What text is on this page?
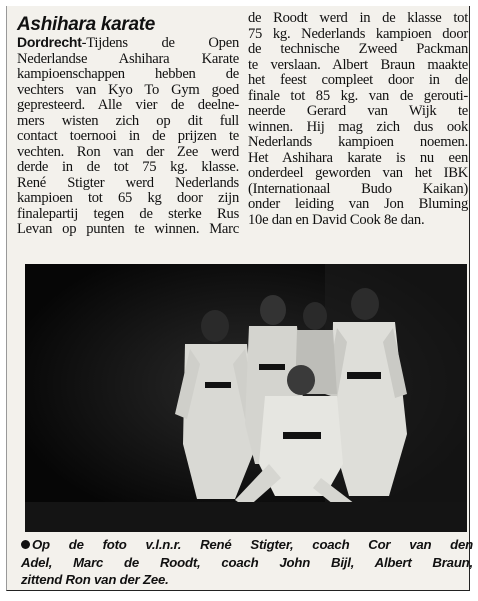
Ashihara karate
Dordrecht-Tijdens de Open
Nederlandse Ashihara Karate
kampioenschappen hebben de
vechters van Kyo To Gym goed
gepresteerd. Alle vier de deelne-
mers wisten zich op dit full
contact toernooi in de prijzen te
vechten. Ron van der Zee werd
derde in de tot 75 kg. klasse.
René Stigter werd Nederlands
kampioen tot 65 kg door zijn
finalepartij tegen de sterke Rus
Levan op punten te winnen. Marc
de Roodt werd in de klasse tot
75 kg. Nederlands kampioen door
de technische Zweed Packman
te verslaan. Albert Braun maakte
het feest compleet door in de
finale tot 85 kg. van de gerouti-
neerde Gerard van Wijk te
winnen. Hij mag zich dus ook
Nederlands kampioen noemen.
Het Ashihara karate is nu een
onderdeel geworden van het IBK
(Internationaal Budo Kaikan)
onder leiding van Jon Bluming
10e dan en David Cook 8e dan.
Op de foto v.l.n.r. René Stigter, coach Cor van den
Adel, Marc de Roodt, coach John Bijl, Albert Braun,
zittend Ron van der Zee.
